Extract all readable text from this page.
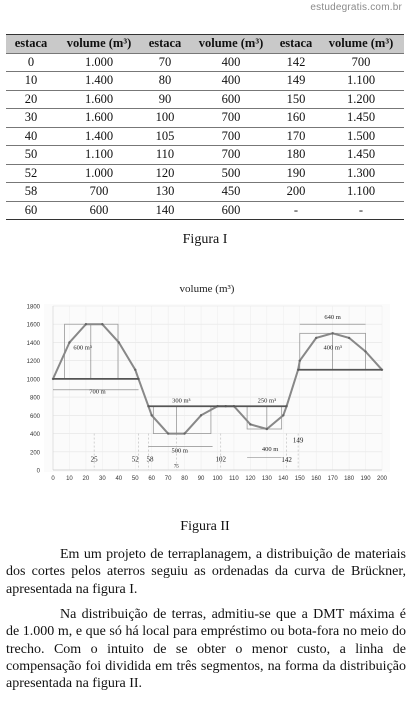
estudegratis.com.br
estaca	volume (m³)	estaca	volume (m³)	estaca	volume (m³)
0	1.000	70	400	142	700
10	1.400	80	400	149	1.100
20	1.600	90	600	150	1.200
30	1.600	100	700	160	1.450
40	1.400	105	700	170	1.500
50	1.100	110	700	180	1.450
52	1.000	120	500	190	1.300
58	700	130	450	200	1.100
60	600	140	600	-	-
Figura I
volume (m³)
0
200
400
600
800
1000
1200
1400
1600
1800
0 10 20 30 40 50 60 70 80 90 100 110 120 130 140 150 160 170 180 190 200
600 m³
700 m
300 m³
500 m
250 m³
400 m
640 m
400 m³
25	52 58
75
102	142
149
Figura II
Em um projeto de terraplanagem, a distribuição de materiais dos cortes pelos aterros seguiu as ordenadas da curva de Brückner, apresentada na figura I.
Na distribuição de terras, admitiu-se que a DMT máxima é de 1.000 m, e que só há local para empréstimo ou bota-fora no meio do trecho. Com o intuito de se obter o menor custo, a linha de compensação foi dividida em três segmentos, na forma da distribuição apresentada na figura II.
